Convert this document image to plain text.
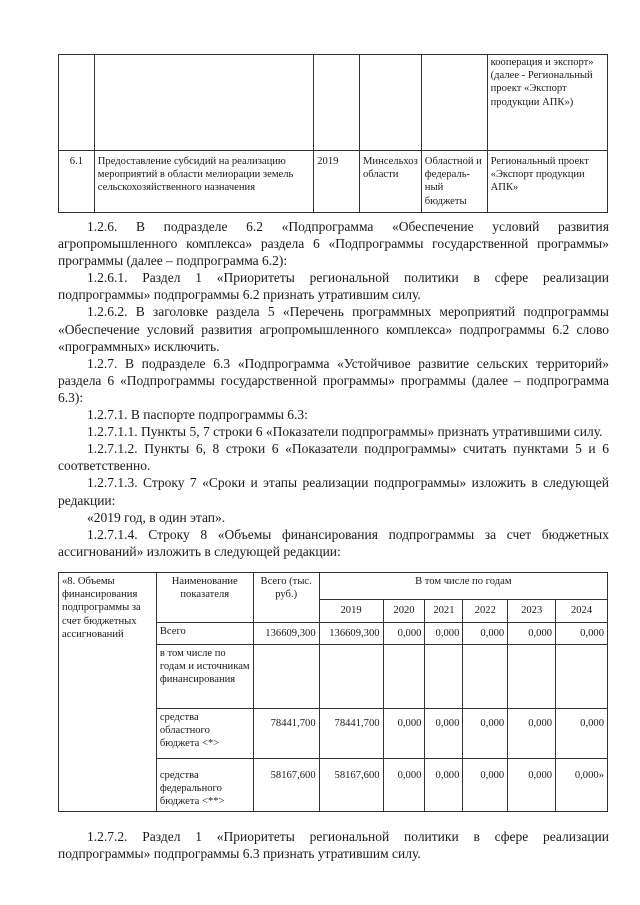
					кооперация и экспорт» (далее - Региональный проект «Экспорт продукции АПК»)
6.1	Предоставление субсидий на реализацию мероприятий в области мелиорации земель сельскохозяйственного назначения	2019	Минсельхоз области	Областной и федераль-ный бюджеты	Региональный проект «Экспорт продукции АПК»

1.2.6. В подразделе 6.2 «Подпрограмма «Обеспечение условий развития агропромышленного комплекса» раздела 6 «Подпрограммы государственной программы» программы (далее – подпрограмма 6.2):

1.2.6.1. Раздел 1 «Приоритеты региональной политики в сфере реализации подпрограммы» подпрограммы 6.2 признать утратившим силу.

1.2.6.2. В заголовке раздела 5 «Перечень программных мероприятий подпрограммы «Обеспечение условий развития агропромышленного комплекса» подпрограммы 6.2 слово «программных» исключить.

1.2.7. В подразделе 6.3 «Подпрограмма «Устойчивое развитие сельских территорий» раздела 6 «Подпрограммы государственной программы» программы (далее – подпрограмма 6.3):

1.2.7.1. В паспорте подпрограммы 6.3:

1.2.7.1.1. Пункты 5, 7 строки 6 «Показатели подпрограммы» признать утратившими силу.

1.2.7.1.2. Пункты 6, 8 строки 6 «Показатели подпрограммы» считать пунктами 5 и 6 соответственно.

1.2.7.1.3. Строку 7 «Сроки и этапы реализации подпрограммы» изложить в следующей редакции:

«2019 год, в один этап».

1.2.7.1.4. Строку 8 «Объемы финансирования подпрограммы за счет бюджетных ассигнований» изложить в следующей редакции:

«8. Объемы финансирования подпрограммы за счет бюджетных ассигнований	Наименование показателя	Всего (тыс. руб.)	В том числе по годам					
			2019	2020	2021	2022	2023	2024
	Всего	136609,300	136609,300	0,000	0,000	0,000	0,000	0,000
	в том числе по годам и источникам финансирования							
	средства областного бюджета <*>	78441,700	78441,700	0,000	0,000	0,000	0,000	0,000
	средства федерального бюджета <**>	58167,600	58167,600	0,000	0,000	0,000	0,000	0,000»

1.2.7.2. Раздел 1 «Приоритеты региональной политики в сфере реализации подпрограммы» подпрограммы 6.3 признать утратившим силу.
